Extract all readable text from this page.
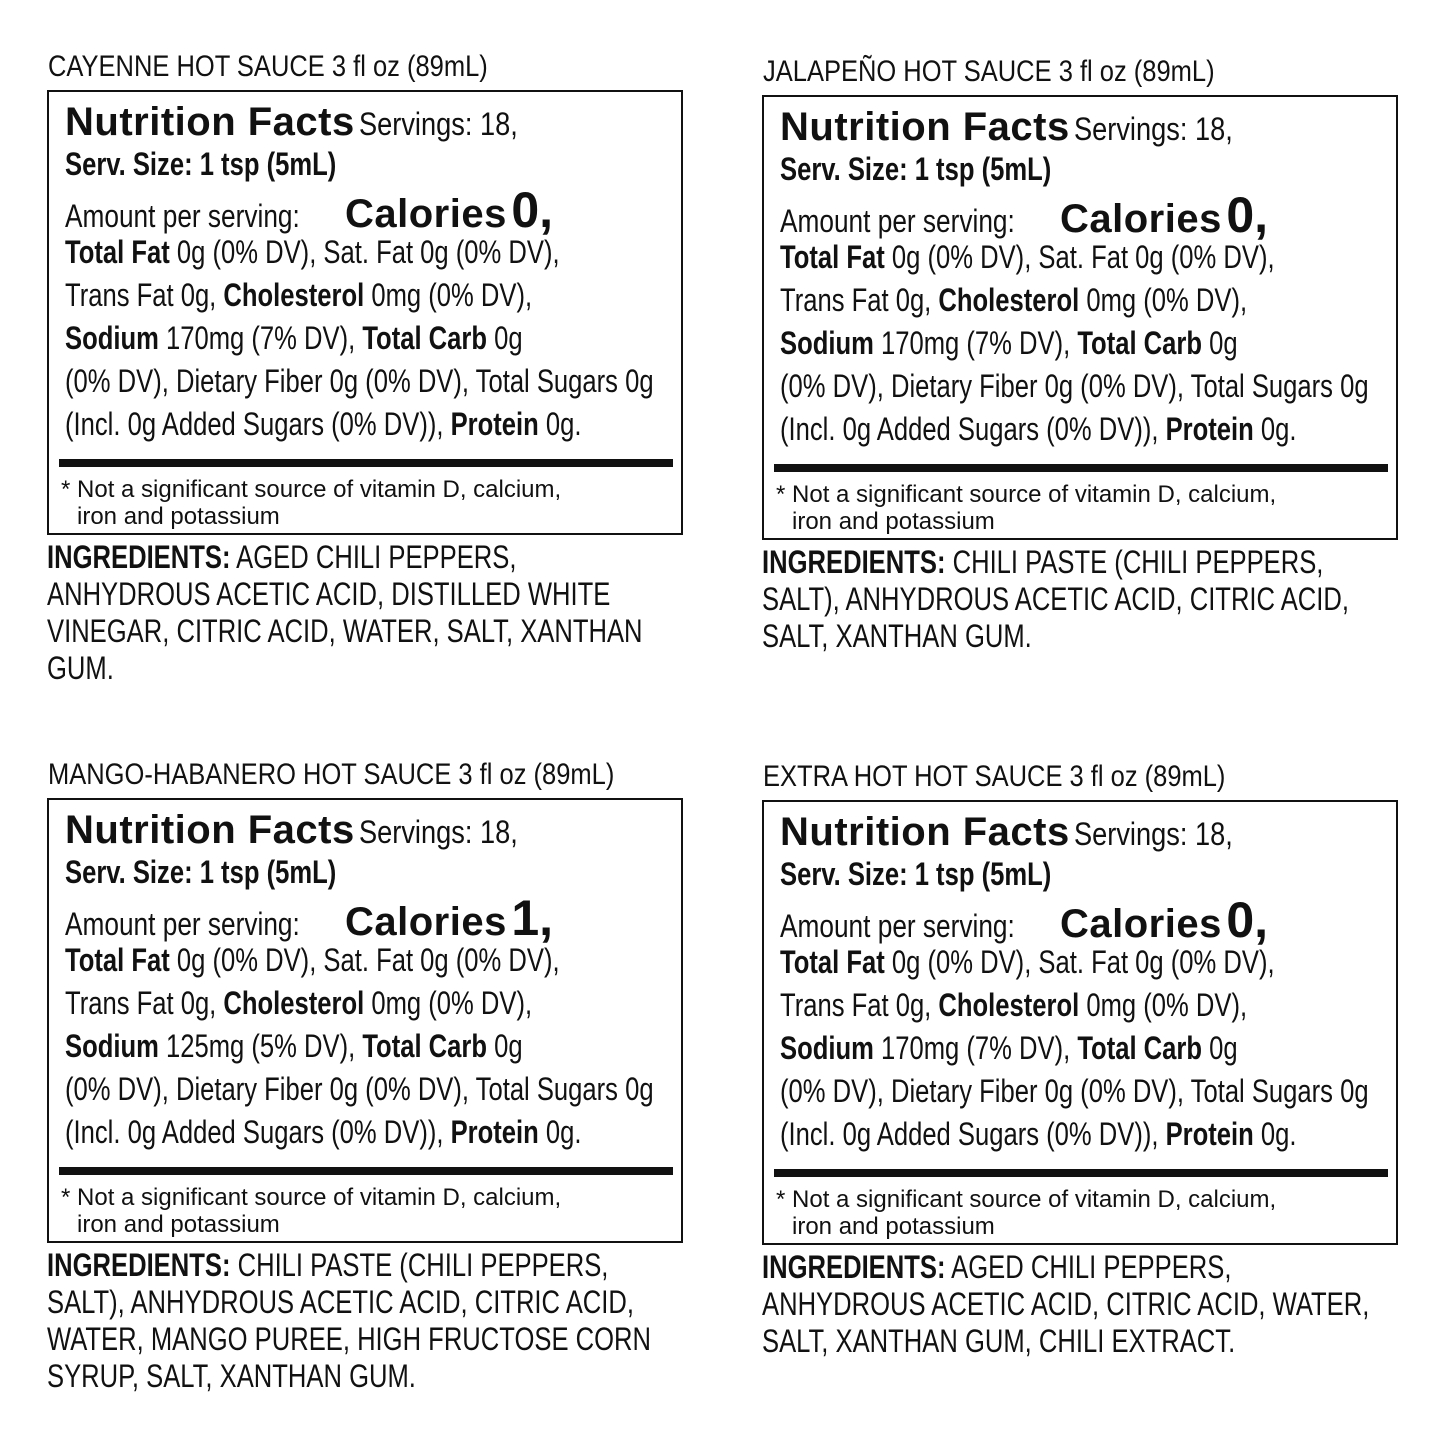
CAYENNE HOT SAUCE 3 fl oz (89mL)
Nutrition Facts Servings: 18,
Serv. Size: 1 tsp (5mL)
Amount per serving: Calories 0,
Total Fat 0g (0% DV), Sat. Fat 0g (0% DV),
Trans Fat 0g, Cholesterol 0mg (0% DV),
Sodium 170mg (7% DV), Total Carb 0g
(0% DV), Dietary Fiber 0g (0% DV), Total Sugars 0g
(Incl. 0g Added Sugars (0% DV)), Protein 0g.
* Not a significant source of vitamin D, calcium,
iron and potassium
INGREDIENTS: AGED CHILI PEPPERS,
ANHYDROUS ACETIC ACID, DISTILLED WHITE
VINEGAR, CITRIC ACID, WATER, SALT, XANTHAN
GUM.
JALAPEÑO HOT SAUCE 3 fl oz (89mL)
Nutrition Facts Servings: 18,
Serv. Size: 1 tsp (5mL)
Amount per serving: Calories 0,
Total Fat 0g (0% DV), Sat. Fat 0g (0% DV),
Trans Fat 0g, Cholesterol 0mg (0% DV),
Sodium 170mg (7% DV), Total Carb 0g
(0% DV), Dietary Fiber 0g (0% DV), Total Sugars 0g
(Incl. 0g Added Sugars (0% DV)), Protein 0g.
* Not a significant source of vitamin D, calcium,
iron and potassium
INGREDIENTS: CHILI PASTE (CHILI PEPPERS,
SALT), ANHYDROUS ACETIC ACID, CITRIC ACID,
SALT, XANTHAN GUM.
MANGO-HABANERO HOT SAUCE 3 fl oz (89mL)
Nutrition Facts Servings: 18,
Serv. Size: 1 tsp (5mL)
Amount per serving: Calories 1,
Total Fat 0g (0% DV), Sat. Fat 0g (0% DV),
Trans Fat 0g, Cholesterol 0mg (0% DV),
Sodium 125mg (5% DV), Total Carb 0g
(0% DV), Dietary Fiber 0g (0% DV), Total Sugars 0g
(Incl. 0g Added Sugars (0% DV)), Protein 0g.
* Not a significant source of vitamin D, calcium,
iron and potassium
INGREDIENTS: CHILI PASTE (CHILI PEPPERS,
SALT), ANHYDROUS ACETIC ACID, CITRIC ACID,
WATER, MANGO PUREE, HIGH FRUCTOSE CORN
SYRUP, SALT, XANTHAN GUM.
EXTRA HOT HOT SAUCE 3 fl oz (89mL)
Nutrition Facts Servings: 18,
Serv. Size: 1 tsp (5mL)
Amount per serving: Calories 0,
Total Fat 0g (0% DV), Sat. Fat 0g (0% DV),
Trans Fat 0g, Cholesterol 0mg (0% DV),
Sodium 170mg (7% DV), Total Carb 0g
(0% DV), Dietary Fiber 0g (0% DV), Total Sugars 0g
(Incl. 0g Added Sugars (0% DV)), Protein 0g.
* Not a significant source of vitamin D, calcium,
iron and potassium
INGREDIENTS: AGED CHILI PEPPERS,
ANHYDROUS ACETIC ACID, CITRIC ACID, WATER,
SALT, XANTHAN GUM, CHILI EXTRACT.
